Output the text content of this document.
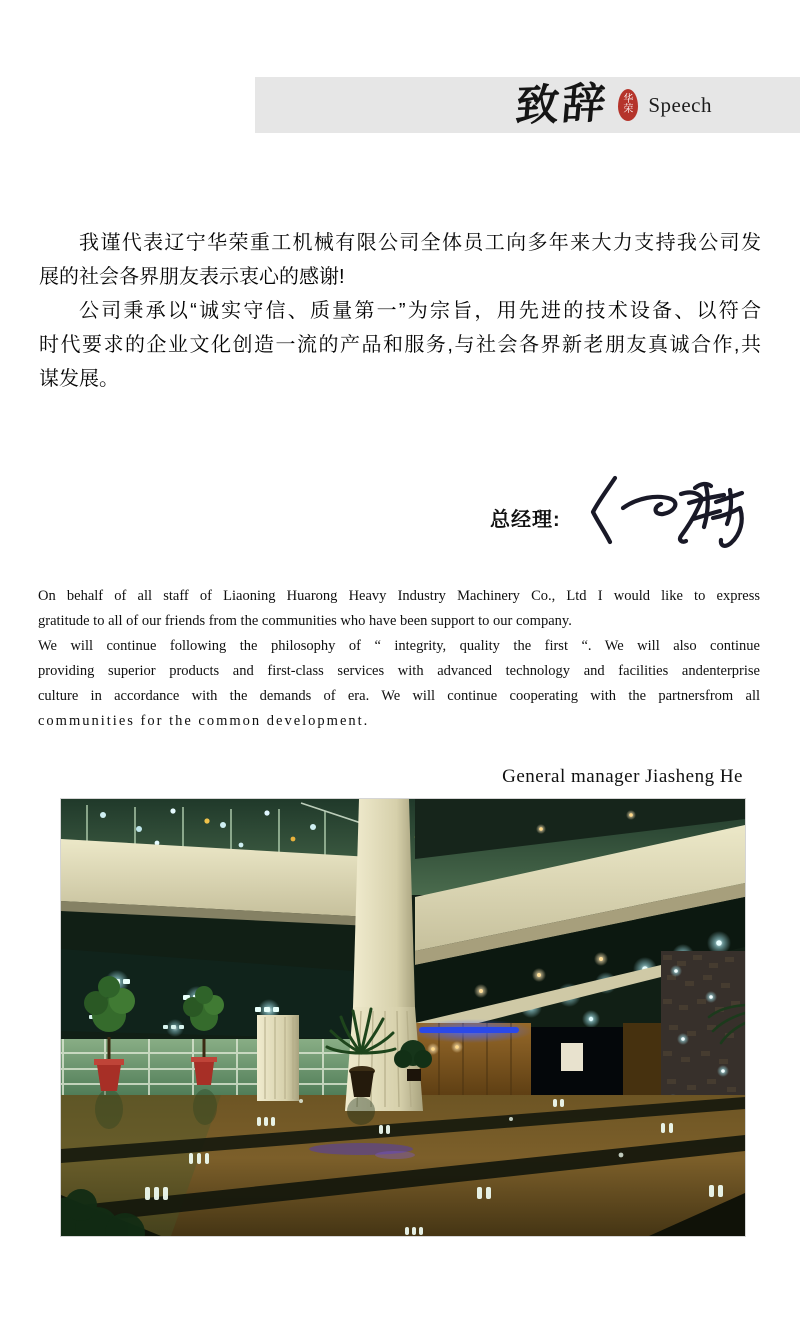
致辞 华
荣 Speech
我谨代表辽宁华荣重工机械有限公司全体员工向多年来大力支持我公司发
展的社会各界朋友表示衷心的感谢!
公司秉承以“诚实守信、质量第一”为宗旨，用先进的技术设备、以符合
时代要求的企业文化创造一流的产品和服务,与社会各界新老朋友真诚合作,共
谋发展。
总经理:
On behalf of all staff of Liaoning Huarong Heavy Industry Machinery Co., Ltd I would like to express
gratitude to all of our friends from the communities who have been support to our company.
We will continue following the philosophy of “ integrity, quality the first “. We will also continue
providing superior products and first-class services with advanced technology and facilities andenterprise
culture in accordance with the demands of era. We will continue cooperating with the partnersfrom all
communities for the common development.
General manager Jiasheng He
